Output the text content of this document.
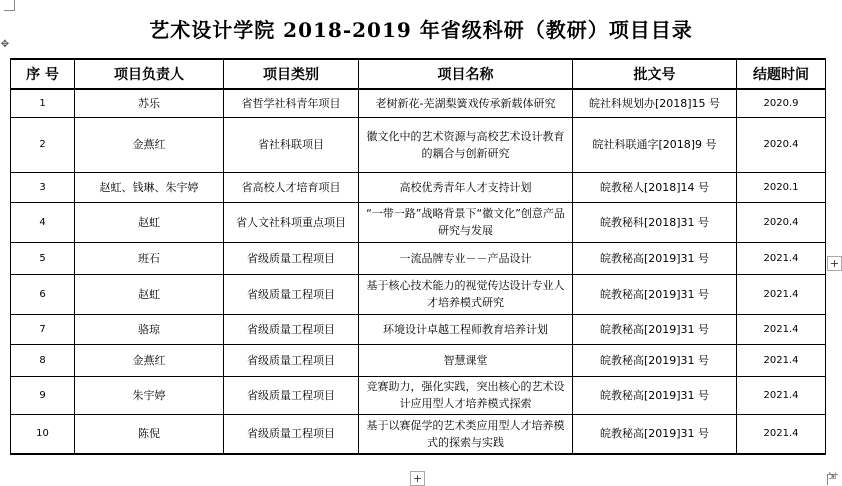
✥
艺术设计学院 2018-2019 年省级科研（教研）项目目录
序 号	项目负责人	项目类别	项目名称	批文号	结题时间
1	苏乐	省哲学社科青年项目	老树新花-芜湖梨簧戏传承新载体研究	皖社科规划办[2018]15 号	2020.9
2	金燕红	省社科联项目	徽文化中的艺术资源与高校艺术设计教育的耦合与创新研究	皖社科联通字[2018]9 号	2020.4
3	赵虹、钱琳、朱宇婷	省高校人才培育项目	高校优秀青年人才支持计划	皖教秘人[2018]14 号	2020.1
4	赵虹	省人文社科项重点项目	“一带一路”战略背景下“徽文化”创意产品研究与发展	皖教秘科[2018]31 号	2020.4
5	班石	省级质量工程项目	一流品牌专业－－产品设计	皖教秘高[2019]31 号	2021.4
6	赵虹	省级质量工程项目	基于核心技术能力的视觉传达设计专业人才培养模式研究	皖教秘高[2019]31 号	2021.4
7	骆琼	省级质量工程项目	环境设计卓越工程师教育培养计划	皖教秘高[2019]31 号	2021.4
8	金燕红	省级质量工程项目	智慧课堂	皖教秘高[2019]31 号	2021.4
9	朱宇婷	省级质量工程项目	竞赛助力，强化实践，突出核心的艺术设计应用型人才培养模式探索	皖教秘高[2019]31 号	2021.4
10	陈倪	省级质量工程项目	基于以赛促学的艺术类应用型人才培养模式的探索与实践	皖教秘高[2019]31 号	2021.4
+
+	⇲
